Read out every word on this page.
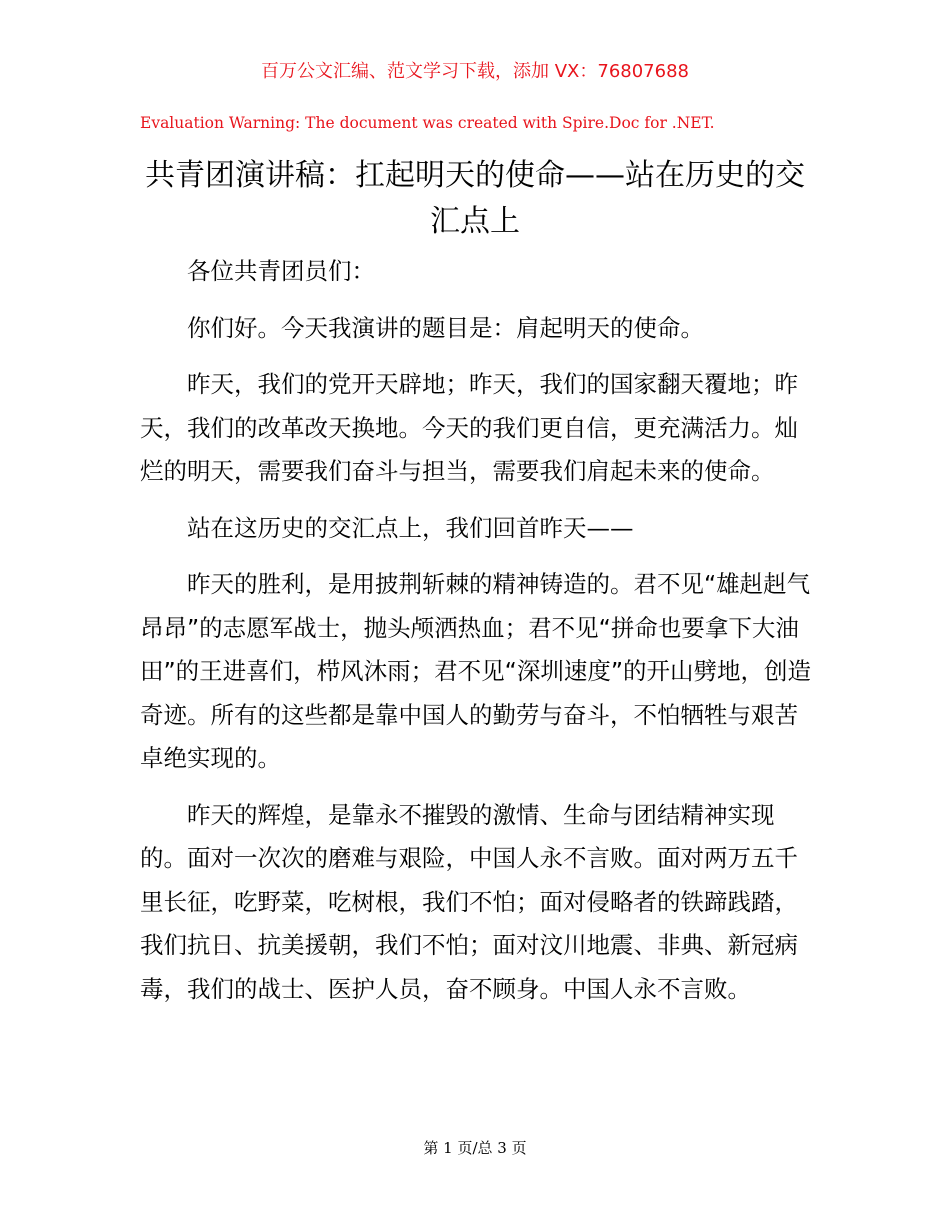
百万公文汇编、范文学习下载，添加 VX：76807688
Evaluation Warning: The document was created with Spire.Doc for .NET.
共青团演讲稿：扛起明天的使命——站在历史的交汇点上

各位共青团员们：

你们好。今天我演讲的题目是：肩起明天的使命。

昨天，我们的党开天辟地；昨天，我们的国家翻天覆地；昨天，我们的改革改天换地。今天的我们更自信，更充满活力。灿烂的明天，需要我们奋斗与担当，需要我们肩起未来的使命。

站在这历史的交汇点上，我们回首昨天——

昨天的胜利，是用披荆斩棘的精神铸造的。君不见“雄赳赳气昂昂”的志愿军战士，抛头颅洒热血；君不见“拼命也要拿下大油田”的王进喜们，栉风沐雨；君不见“深圳速度”的开山劈地，创造奇迹。所有的这些都是靠中国人的勤劳与奋斗，不怕牺牲与艰苦卓绝实现的。

昨天的辉煌，是靠永不摧毁的激情、生命与团结精神实现的。面对一次次的磨难与艰险，中国人永不言败。面对两万五千里长征，吃野菜，吃树根，我们不怕；面对侵略者的铁蹄践踏，我们抗日、抗美援朝，我们不怕；面对汶川地震、非典、新冠病毒，我们的战士、医护人员，奋不顾身。中国人永不言败。

第 1 页/总 3 页
